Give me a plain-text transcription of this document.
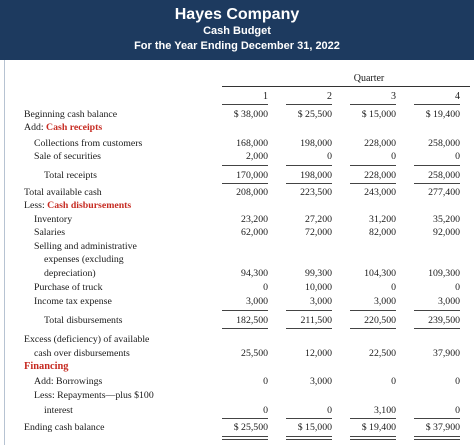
Hayes Company
Cash Budget
For the Year Ending December 31, 2022
Quarter
1	2	3	4
Beginning cash balance	$ 38,000	$ 25,500	$ 15,000	$ 19,400
Add: Cash receipts
Collections from customers	168,000	198,000	228,000	258,000
Sale of securities	2,000	0	0	0
Total receipts	170,000	198,000	228,000	258,000
Total available cash	208,000	223,500	243,000	277,400
Less: Cash disbursements
Inventory	23,200	27,200	31,200	35,200
Salaries	62,000	72,000	82,000	92,000
Selling and administrative
expenses (excluding
depreciation)	94,300	99,300	104,300	109,300
Purchase of truck	0	10,000	0	0
Income tax expense	3,000	3,000	3,000	3,000
Total disbursements	182,500	211,500	220,500	239,500
Excess (deficiency) of available
cash over disbursements	25,500	12,000	22,500	37,900
Financing
Add: Borrowings	0	3,000	0	0
Less: Repayments—plus $100
interest	0	0	3,100	0
Ending cash balance	$ 25,500	$ 15,000	$ 19,400	$ 37,900
